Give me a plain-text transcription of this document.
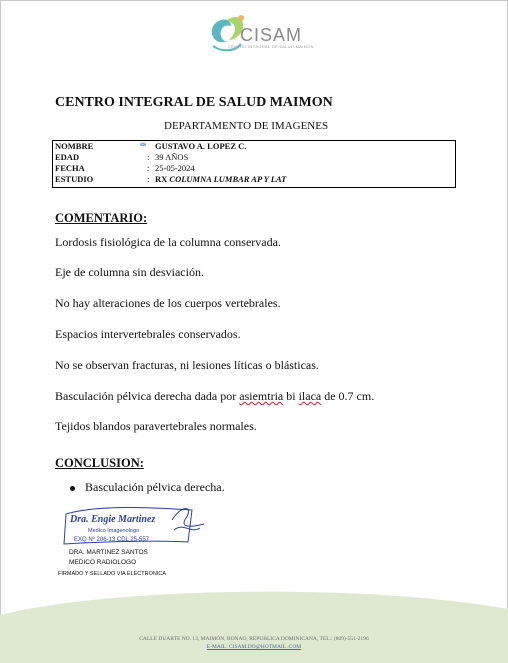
CISAM
CENTRO INTEGRAL DE SALUD MAIMON
CENTRO INTEGRAL DE SALUD MAIMON
DEPARTAMENTO DE IMAGENES
ꙭ
NOMBRE	GUSTAVO A. LOPEZ C.
EDAD	: 39 AÑOS
FECHA	: 25-05-2024
ESTUDIO	: RX COLUMNA LUMBAR AP Y LAT
COMENTARIO:
Lordosis fisiológica de la columna conservada.
Eje de columna sin desviación.
No hay alteraciones de los cuerpos vertebrales.
Espacios intervertebrales conservados.
No se observan fracturas, ni lesiones líticas o blásticas.
Basculación pélvica derecha dada por asiemtria bi ilaca de 0.7 cm.
Tejidos blandos paravertebrales normales.
CONCLUSION:
Basculación pélvica derecha.
Dra. Engie Martinez
Medico Imagenologo
EXQ Nº 206-13 CDL 25-557
DRA. MARTINEZ SANTOS
MEDICO RADIOLOGO
FIRMADO Y SELLADO VIA ELECTRONICA
CALLE DUARTE NO. 13, MAIMÓN, BONAO, REPUBLICA DOMINICANA, TEL.: (809)-551-2196
E-MAIL: CISAM.DO@HOTMAIL .COM
